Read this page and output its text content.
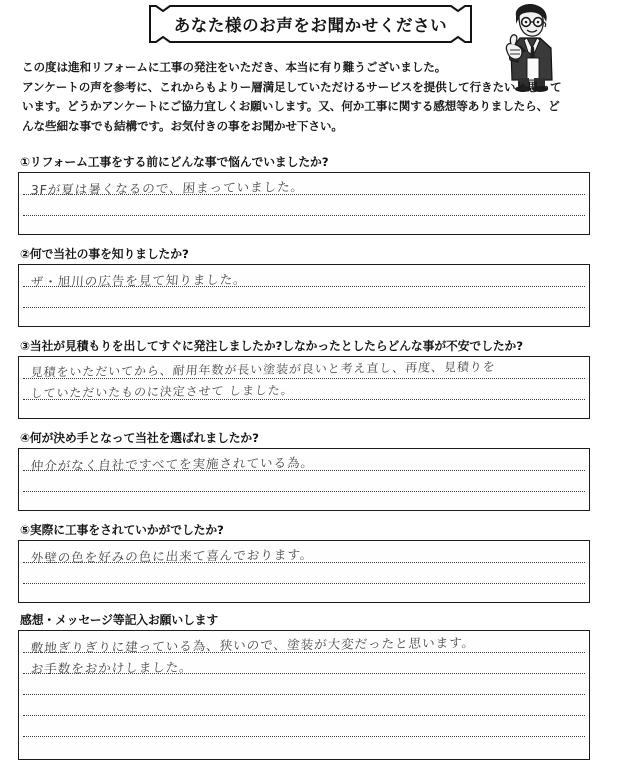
あなた様のお声をお聞かせください
この度は進和リフォームに工事の発注をいただき、本当に有り難うございました。
アンケートの声を参考に、これからもよりー層満足していただけるサービスを提供して行きたいと思って
います。どうかアンケートにご協力宜しくお願いします。又、何か工事に関する感想等ありましたら、ど
んな些細な事でも結構です。お気付きの事をお聞かせ下さい。
①リフォーム工事をする前にどんな事で悩んでいましたか?
3Fが夏は暑くなるので、困まっていました。
②何で当社の事を知りましたか?
ザ・旭川の広告を見て知りました。
③当社が見積もりを出してすぐに発注しましたか?しなかったとしたらどんな事が不安でしたか?
見積をいただいてから、耐用年数が長い塗装が良いと考え直し、再度、見積りを
していただいたものに決定させて しました。
④何が決め手となって当社を選ばれましたか?
仲介がなく自社ですべてを実施されている為。
⑤実際に工事をされていかがでしたか?
外壁の色を好みの色に出来て喜んでおります。
感想・メッセージ等記入お願いします
敷地ぎりぎりに建っている為、狭いので、塗装が大変だったと思います。
お手数をおかけしました。
